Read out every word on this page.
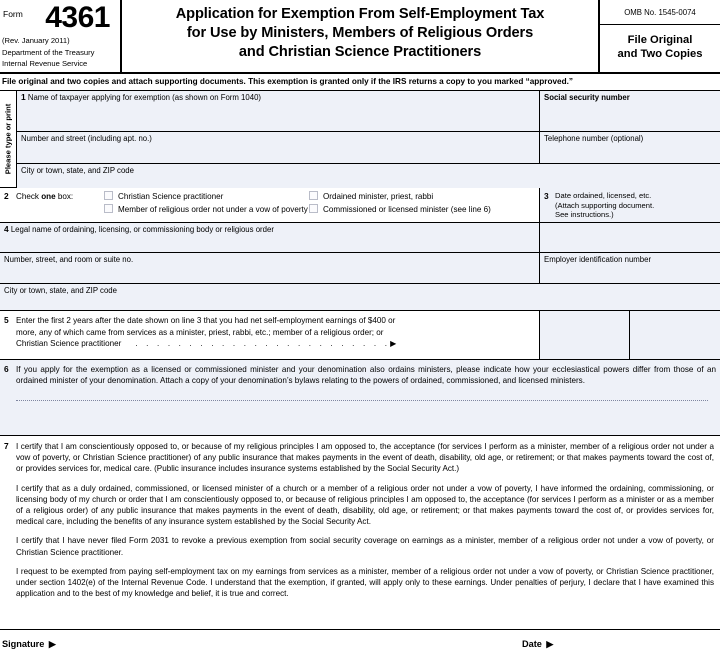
Form 4361
(Rev. January 2011)
Department of the Treasury
Internal Revenue Service
Application for Exemption From Self-Employment Tax
for Use by Ministers, Members of Religious Orders
and Christian Science Practitioners
OMB No. 1545-0074
File Original
and Two Copies
File original and two copies and attach supporting documents. This exemption is granted only if the IRS returns a copy to you marked “approved.”
Please type or print
1 Name of taxpayer applying for exemption (as shown on Form 1040)	Social security number
Number and street (including apt. no.)	Telephone number (optional)
City or town, state, and ZIP code
2 Check one box:	Christian Science practitioner	Ordained minister, priest, rabbi
Member of religious order not under a vow of poverty	Commissioned or licensed minister (see line 6)
3 Date ordained, licensed, etc.
(Attach supporting document.
See instructions.)
4 Legal name of ordaining, licensing, or commissioning body or religious order
Number, street, and room or suite no.	Employer identification number
City or town, state, and ZIP code
5 Enter the first 2 years after the date shown on line 3 that you had net self-employment earnings of $400 or
more, any of which came from services as a minister, priest, rabbi, etc.; member of a religious order; or
Christian Science practitioner	. . . . . . . . . . . . . . . . . . . . . . . . ▶
6 If you apply for the exemption as a licensed or commissioned minister and your denomination also ordains ministers, please indicate how your ecclesiastical powers differ from those of an ordained minister of your denomination. Attach a copy of your denomination’s bylaws relating to the powers of ordained, commissioned, and licensed ministers.
7 I certify that I am conscientiously opposed to, or because of my religious principles I am opposed to, the acceptance (for services I perform as a minister, member of a religious order not under a vow of poverty, or Christian Science practitioner) of any public insurance that makes payments in the event of death, disability, old age, or retirement; or that makes payments toward the cost of, or provides services for, medical care. (Public insurance includes insurance systems established by the Social Security Act.)
I certify that as a duly ordained, commissioned, or licensed minister of a church or a member of a religious order not under a vow of poverty, I have informed the ordaining, commissioning, or licensing body of my church or order that I am conscientiously opposed to, or because of religious principles I am opposed to, the acceptance (for services I perform as a minister or as a member of a religious order) of any public insurance that makes payments in the event of death, disability, old age, or retirement; or that makes payments toward the cost of, or provides services for, medical care, including the benefits of any insurance system established by the Social Security Act.
I certify that I have never filed Form 2031 to revoke a previous exemption from social security coverage on earnings as a minister, member of a religious order not under a vow of poverty, or Christian Science practitioner.
I request to be exempted from paying self-employment tax on my earnings from services as a minister, member of a religious order not under a vow of poverty, or Christian Science practitioner, under section 1402(e) of the Internal Revenue Code. I understand that the exemption, if granted, will apply only to these earnings. Under penalties of perjury, I declare that I have examined this application and to the best of my knowledge and belief, it is true and correct.
Signature ▶	Date ▶
